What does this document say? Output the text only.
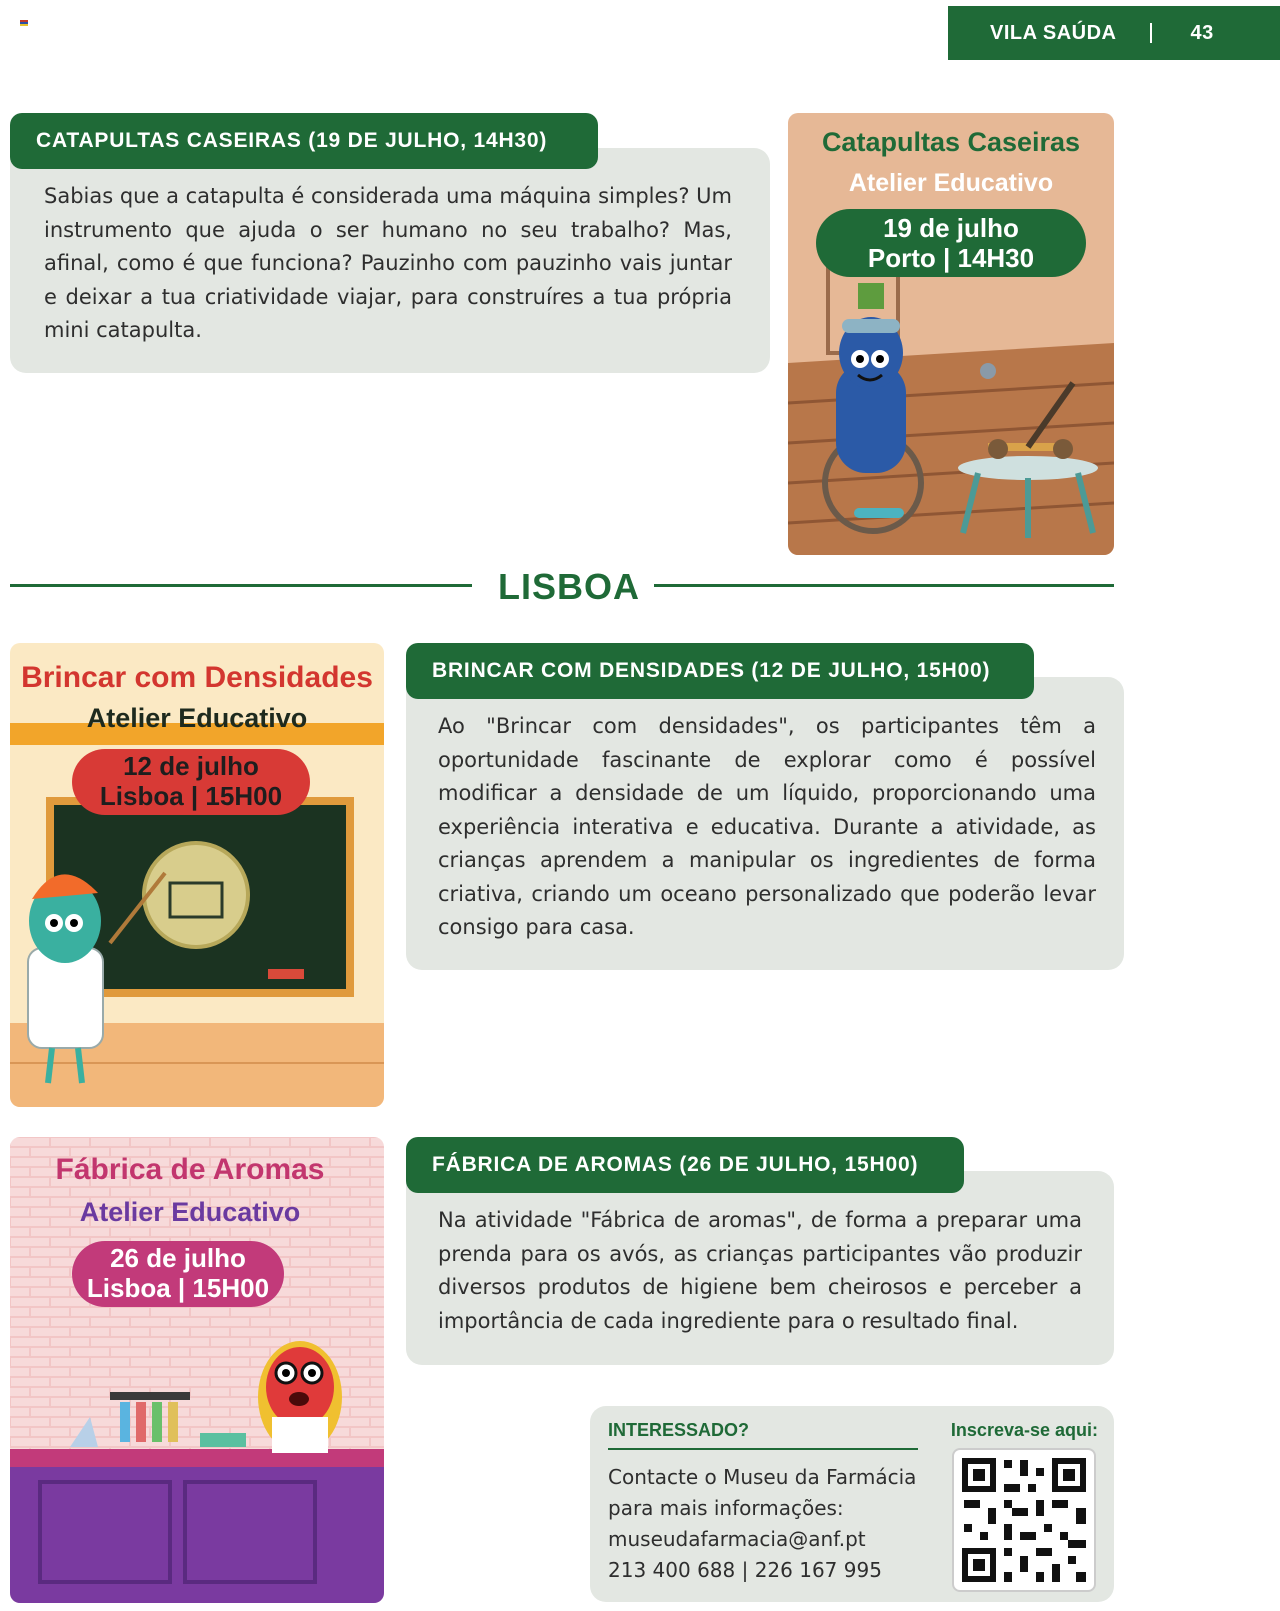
VILA SAÚDA	43
CATAPULTAS CASEIRAS (19 DE JULHO, 14H30)
Sabias que a catapulta é considerada uma máquina simples? Um instrumento que ajuda o ser humano no seu trabalho? Mas, afinal, como é que funciona? Pauzinho com pauzinho vais juntar e deixar a tua criatividade viajar, para construíres a tua própria mini catapulta.
Catapultas Caseiras
Atelier Educativo
19 de julho
Porto | 14H30
LISBOA
Brincar com Densidades
Atelier Educativo
12 de julho
Lisboa | 15H00
BRINCAR COM DENSIDADES (12 DE JULHO, 15H00)
Ao "Brincar com densidades", os participantes têm a oportunidade fascinante de explorar como é possível modificar a densidade de um líquido, proporcionando uma experiência interativa e educativa. Durante a atividade, as crianças aprendem a manipular os ingredientes de forma criativa, criando um oceano personalizado que poderão levar consigo para casa.
Fábrica de Aromas
Atelier Educativo
26 de julho
Lisboa | 15H00
FÁBRICA DE AROMAS (26 DE JULHO, 15H00)
Na atividade "Fábrica de aromas", de forma a preparar uma prenda para os avós, as crianças participantes vão produzir diversos produtos de higiene bem cheirosos e perceber a importância de cada ingrediente para o resultado final.
INTERESSADO?
Contacte o Museu da Farmácia
para mais informações:
museudafarmacia@anf.pt
213 400 688 | 226 167 995
Inscreva-se aqui:
